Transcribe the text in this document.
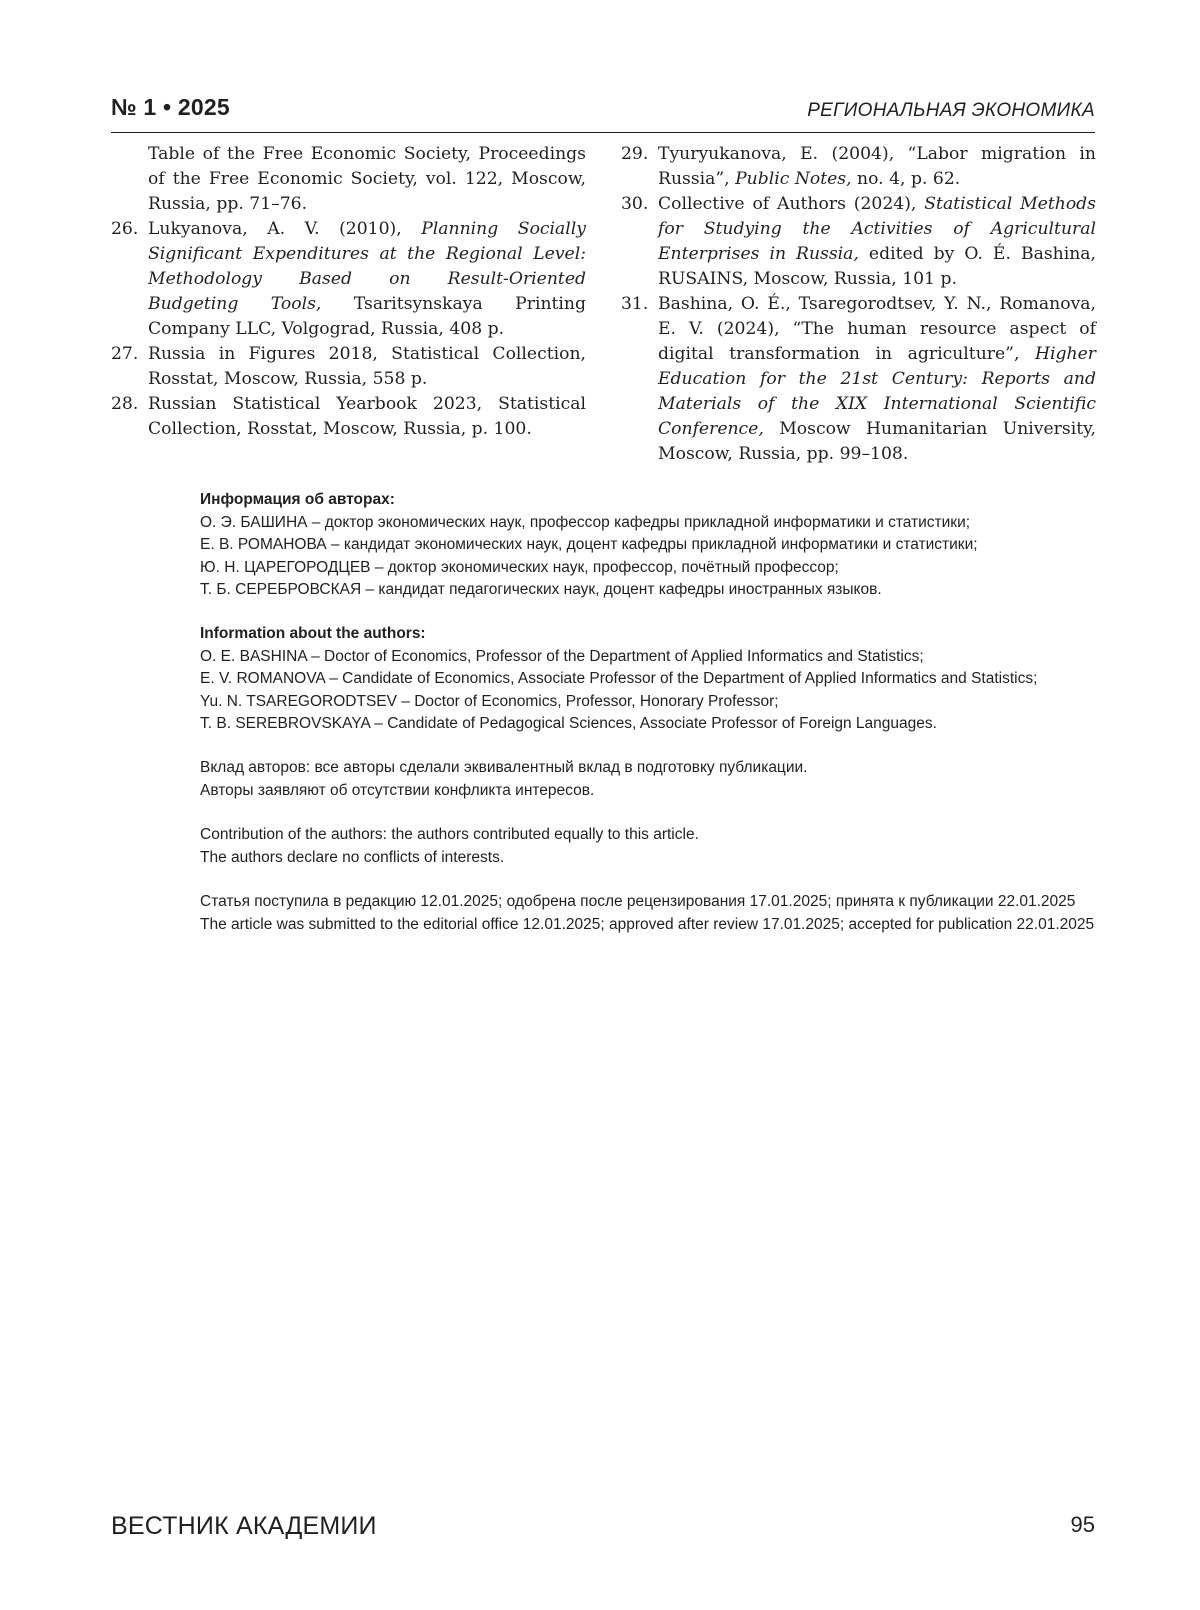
№ 1 • 2025	РЕГИОНАЛЬНАЯ ЭКОНОМИКА

Table of the Free Economic Society, Proceedings of the Free Economic Society, vol. 122, Moscow, Russia, pp. 71–76.

26. Lukyanova, A. V. (2010), Planning Socially Significant Expenditures at the Regional Level: Methodology Based on Result-Oriented Budgeting Tools, Tsaritsynskaya Printing Company LLC, Volgograd, Russia, 408 p.

27. Russia in Figures 2018, Statistical Collection, Rosstat, Moscow, Russia, 558 p.

28. Russian Statistical Yearbook 2023, Statistical Collection, Rosstat, Moscow, Russia, p. 100.

29. Tyuryukanova, E. (2004), “Labor migration in Russia”, Public Notes, no. 4, p. 62.

30. Collective of Authors (2024), Statistical Methods for Studying the Activities of Agricultural Enterprises in Russia, edited by O. É. Bashina, RUSAINS, Moscow, Russia, 101 p.

31. Bashina, O. É., Tsaregorodtsev, Y. N., Romanova, E. V. (2024), “The human resource aspect of digital transformation in agriculture”, Higher Education for the 21st Century: Reports and Materials of the XIX International Scientific Conference, Moscow Humanitarian University, Moscow, Russia, pp. 99–108.

Информация об авторах:

О. Э. БАШИНА – доктор экономических наук, профессор кафедры прикладной информатики и статистики;

Е. В. РОМАНОВА – кандидат экономических наук, доцент кафедры прикладной информатики и статистики;

Ю. Н. ЦАРЕГОРОДЦЕВ – доктор экономических наук, профессор, почётный профессор;

Т. Б. СЕРЕБРОВСКАЯ – кандидат педагогических наук, доцент кафедры иностранных языков.

Information about the authors:

O. E. BASHINA – Doctor of Economics, Professor of the Department of Applied Informatics and Statistics;

E. V. ROMANOVA – Candidate of Economics, Associate Professor of the Department of Applied Informatics and Statistics;

Yu. N. TSAREGORODTSEV – Doctor of Economics, Professor, Honorary Professor;

T. B. SEREBROVSKAYA – Candidate of Pedagogical Sciences, Associate Professor of Foreign Languages.

Вклад авторов: все авторы сделали эквивалентный вклад в подготовку публикации.

Авторы заявляют об отсутствии конфликта интересов.

Contribution of the authors: the authors contributed equally to this article.

The authors declare no conflicts of interests.

Статья поступила в редакцию 12.01.2025; одобрена после рецензирования 17.01.2025; принята к публикации 22.01.2025

The article was submitted to the editorial office 12.01.2025; approved after review 17.01.2025; accepted for publication 22.01.2025

ВЕСТНИК АКАДЕМИИ	95
